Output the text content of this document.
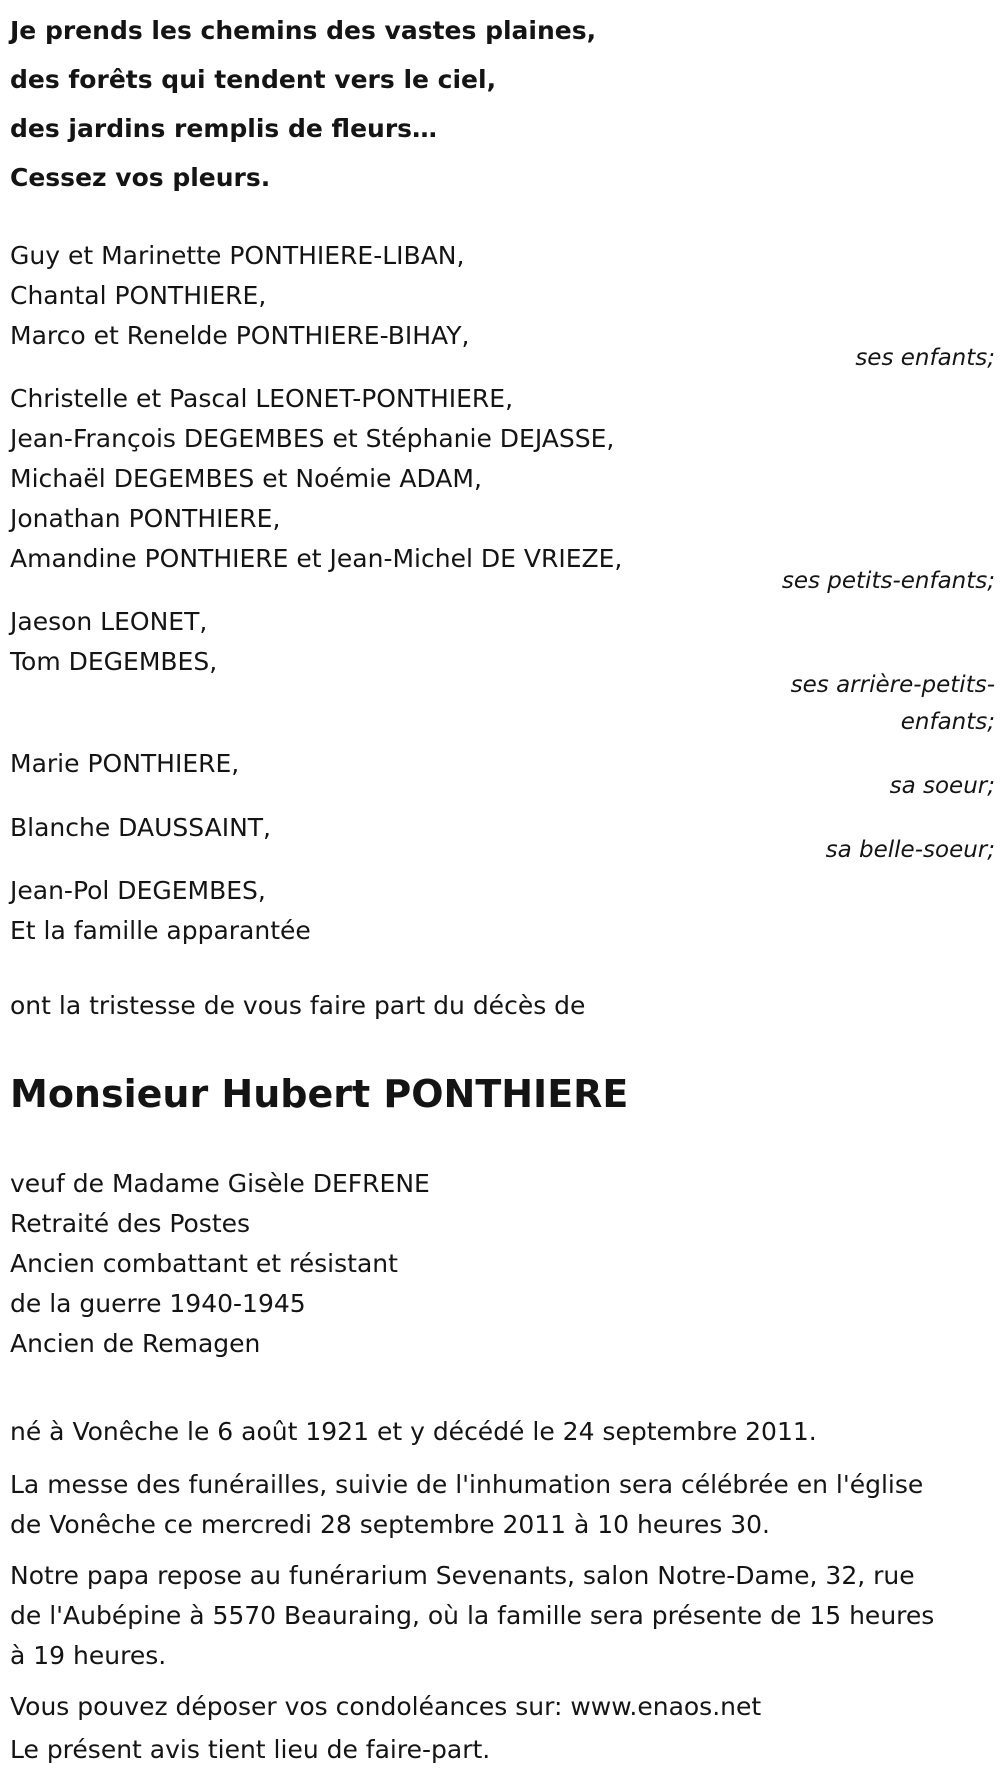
Je prends les chemins des vastes plaines,
des forêts qui tendent vers le ciel,
des jardins remplis de fleurs…
Cessez vos pleurs.
Guy et Marinette PONTHIERE-LIBAN,
Chantal PONTHIERE,
Marco et Renelde PONTHIERE-BIHAY,
ses enfants;
Christelle et Pascal LEONET-PONTHIERE,
Jean-François DEGEMBES et Stéphanie DEJASSE,
Michaël DEGEMBES et Noémie ADAM,
Jonathan PONTHIERE,
Amandine PONTHIERE et Jean-Michel DE VRIEZE,
ses petits-enfants;
Jaeson LEONET,
Tom DEGEMBES,
ses arrière-petits-
enfants;
Marie PONTHIERE,
sa soeur;
Blanche DAUSSAINT,
sa belle-soeur;
Jean-Pol DEGEMBES,
Et la famille apparantée
ont la tristesse de vous faire part du décès de
Monsieur Hubert PONTHIERE
veuf de Madame Gisèle DEFRENE
Retraité des Postes
Ancien combattant et résistant
de la guerre 1940-1945
Ancien de Remagen
né à Vonêche le 6 août 1921 et y décédé le 24 septembre 2011.
La messe des funérailles, suivie de l'inhumation sera célébrée en l'église
de Vonêche ce mercredi 28 septembre 2011 à 10 heures 30.
Notre papa repose au funérarium Sevenants, salon Notre-Dame, 32, rue
de l'Aubépine à 5570 Beauraing, où la famille sera présente de 15 heures
à 19 heures.
Vous pouvez déposer vos condoléances sur: www.enaos.net
Le présent avis tient lieu de faire-part.
